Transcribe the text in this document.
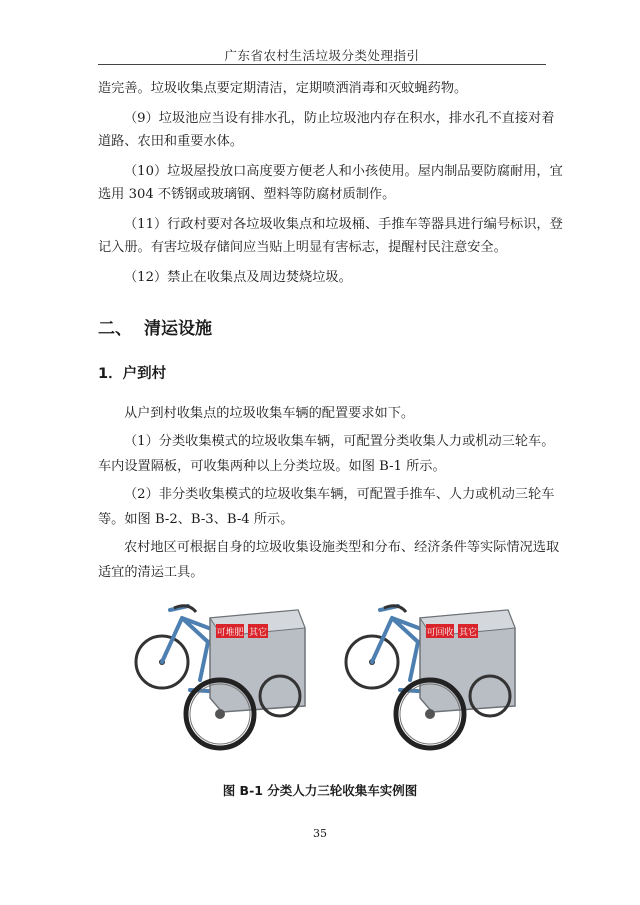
广东省农村生活垃圾分类处理指引
造完善。垃圾收集点要定期清洁，定期喷洒消毒和灭蚊蝇药物。
（9）垃圾池应当设有排水孔，防止垃圾池内存在积水，排水孔不直接对着
道路、农田和重要水体。
（10）垃圾屋投放口高度要方便老人和小孩使用。屋内制品要防腐耐用，宜
选用 304 不锈钢或玻璃钢、塑料等防腐材质制作。
（11）行政村要对各垃圾收集点和垃圾桶、手推车等器具进行编号标识，登
记入册。有害垃圾存储间应当贴上明显有害标志，提醒村民注意安全。
（12）禁止在收集点及周边焚烧垃圾。
二、 清运设施
1．户到村
从户到村收集点的垃圾收集车辆的配置要求如下。
（1）分类收集模式的垃圾收集车辆，可配置分类收集人力或机动三轮车。
车内设置隔板，可收集两种以上分类垃圾。如图 B-1 所示。
（2）非分类收集模式的垃圾收集车辆，可配置手推车、人力或机动三轮车
等。如图 B-2、B-3、B-4 所示。
农村地区可根据自身的垃圾收集设施类型和分布、经济条件等实际情况选取
适宜的清运工具。
可堆肥 其它	可回收 其它
图 B-1 分类人力三轮收集车实例图
35
